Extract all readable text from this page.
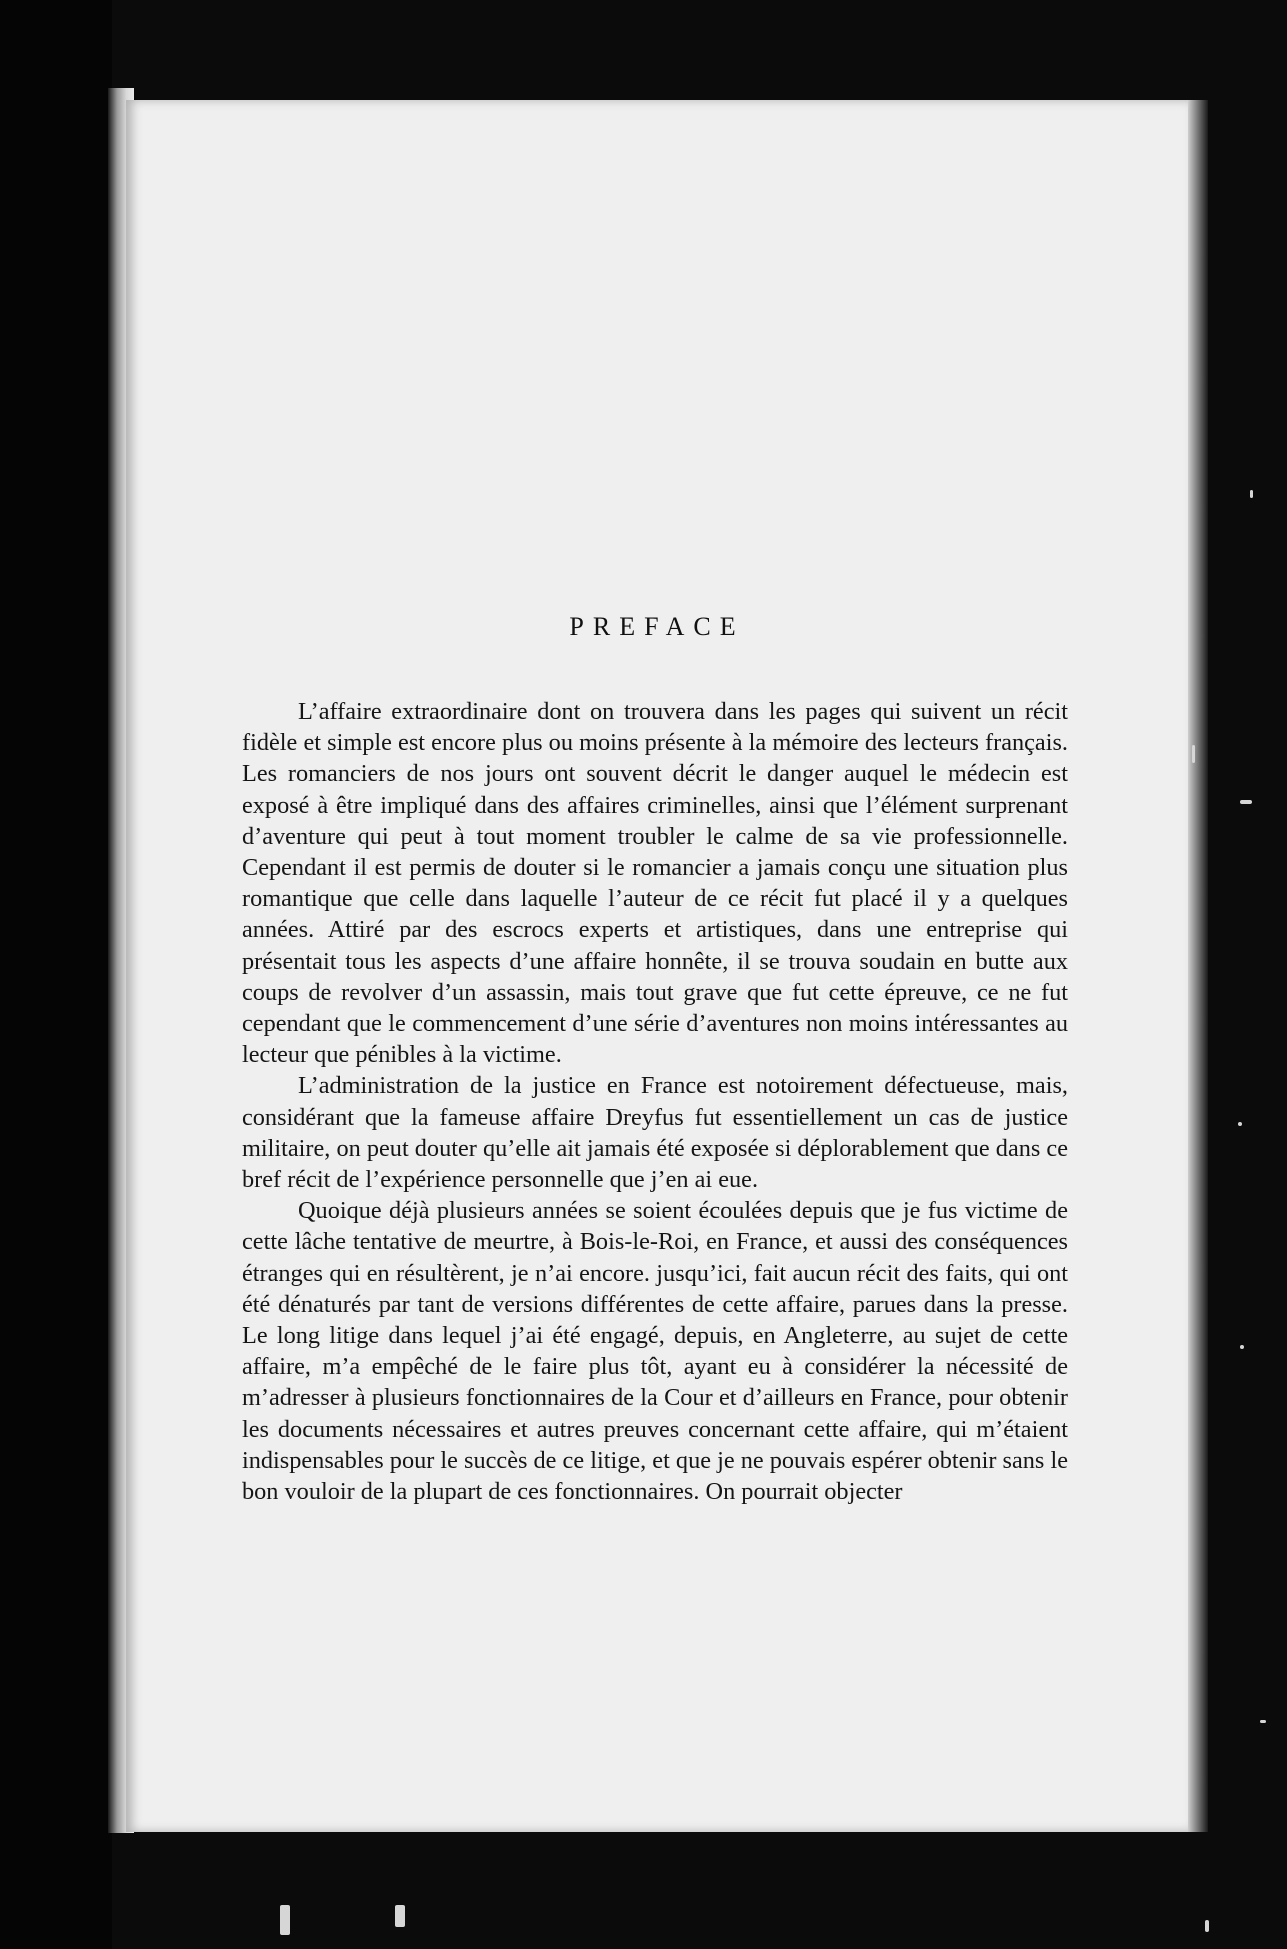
PREFACE

L’affaire extraordinaire dont on trouvera dans les pages qui suivent un récit fidèle et simple est encore plus ou moins présente à la mémoire des lecteurs français. Les romanciers de nos jours ont souvent décrit le danger auquel le médecin est exposé à être impliqué dans des affaires criminelles, ainsi que l’élément surprenant d’aventure qui peut à tout moment troubler le calme de sa vie professionnelle. Cependant il est permis de douter si le romancier a jamais conçu une situation plus romantique que celle dans laquelle l’auteur de ce récit fut placé il y a quelques années. Attiré par des escrocs experts et artistiques, dans une entreprise qui présentait tous les aspects d’une affaire honnête, il se trouva soudain en butte aux coups de revolver d’un assassin, mais tout grave que fut cette épreuve, ce ne fut cependant que le commencement d’une série d’aventures non moins intéressantes au lecteur que pénibles à la victime.

L’administration de la justice en France est notoirement défectueuse, mais, considérant que la fameuse affaire Dreyfus fut essentiellement un cas de justice militaire, on peut douter qu’elle ait jamais été exposée si déplorablement que dans ce bref récit de l’expérience personnelle que j’en ai eue.

Quoique déjà plusieurs années se soient écoulées depuis que je fus victime de cette lâche tentative de meurtre, à Bois-le-Roi, en France, et aussi des conséquences étranges qui en résultèrent, je n’ai encore. jusqu’ici, fait aucun récit des faits, qui ont été dénaturés par tant de versions différentes de cette affaire, parues dans la presse. Le long litige dans lequel j’ai été engagé, depuis, en Angleterre, au sujet de cette affaire, m’a empêché de le faire plus tôt, ayant eu à considérer la nécessité de m’adresser à plusieurs fonctionnaires de la Cour et d’ailleurs en France, pour obtenir les documents nécessaires et autres preuves concernant cette affaire, qui m’étaient indispensables pour le succès de ce litige, et que je ne pouvais espérer obtenir sans le bon vouloir de la plupart de ces fonctionnaires. On pourrait objecter
